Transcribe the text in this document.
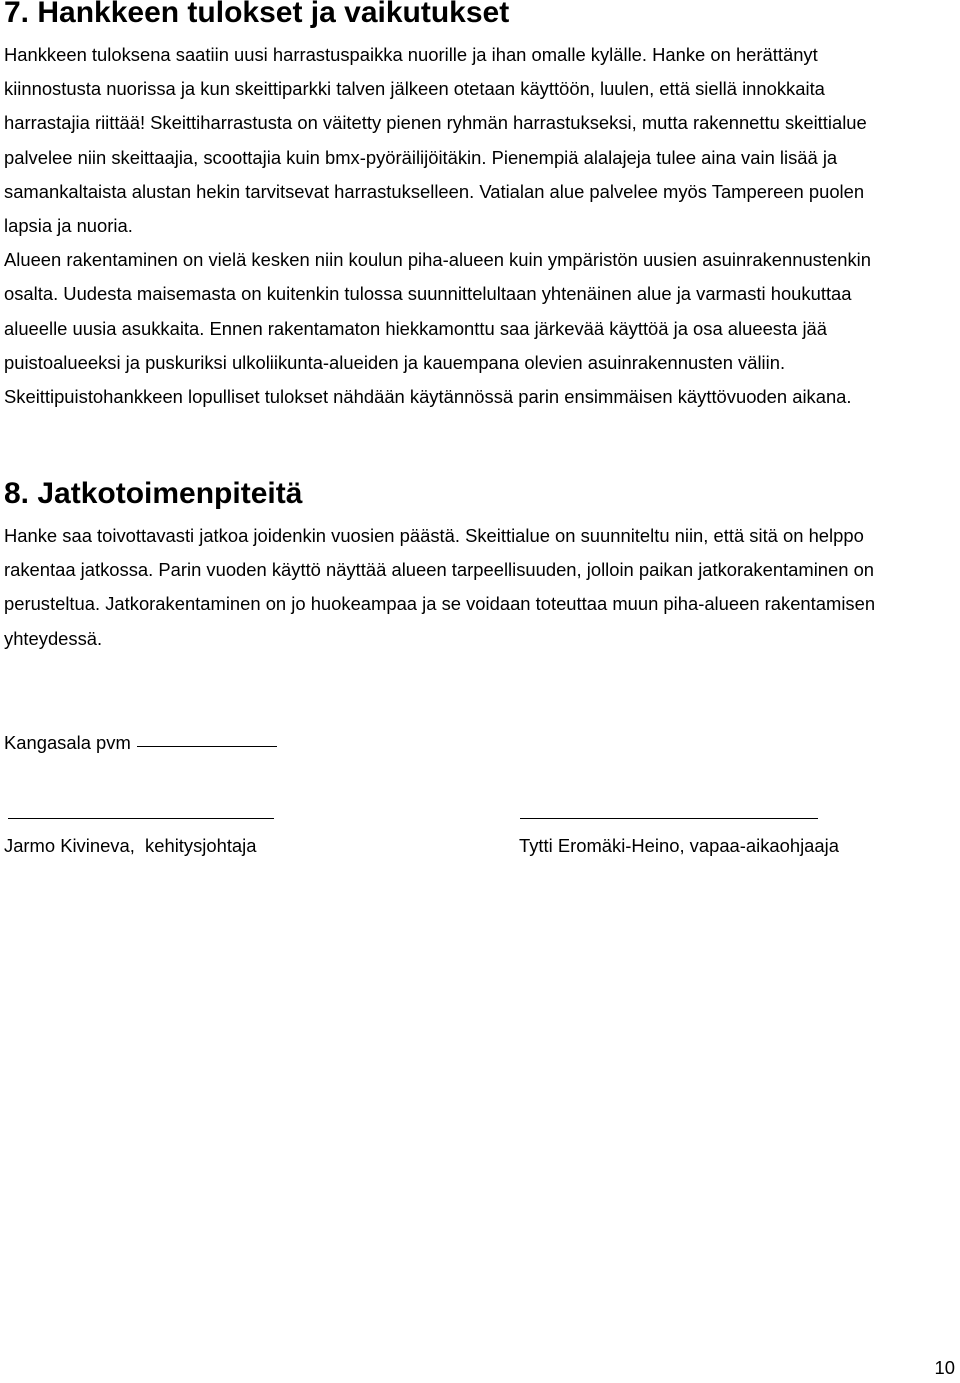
7. Hankkeen tulokset ja vaikutukset
Hankkeen tuloksena saatiin uusi harrastuspaikka nuorille ja ihan omalle kylälle. Hanke on herättänyt
kiinnostusta nuorissa ja kun skeittiparkki talven jälkeen otetaan käyttöön, luulen, että siellä innokkaita
harrastajia riittää! Skeittiharrastusta on väitetty pienen ryhmän harrastukseksi, mutta rakennettu skeittialue
palvelee niin skeittaajia, scoottajia kuin bmx-pyöräilijöitäkin. Pienempiä alalajeja tulee aina vain lisää ja
samankaltaista alustan hekin tarvitsevat harrastukselleen. Vatialan alue palvelee myös Tampereen puolen
lapsia ja nuoria.
Alueen rakentaminen on vielä kesken niin koulun piha-alueen kuin ympäristön uusien asuinrakennustenkin
osalta. Uudesta maisemasta on kuitenkin tulossa suunnittelultaan yhtenäinen alue ja varmasti houkuttaa
alueelle uusia asukkaita. Ennen rakentamaton hiekkamonttu saa järkevää käyttöä ja osa alueesta jää
puistoalueeksi ja puskuriksi ulkoliikunta-alueiden ja kauempana olevien asuinrakennusten väliin.
Skeittipuistohankkeen lopulliset tulokset nähdään käytännössä parin ensimmäisen käyttövuoden aikana.
8. Jatkotoimenpiteitä
Hanke saa toivottavasti jatkoa joidenkin vuosien päästä. Skeittialue on suunniteltu niin, että sitä on helppo
rakentaa jatkossa. Parin vuoden käyttö näyttää alueen tarpeellisuuden, jolloin paikan jatkorakentaminen on
perusteltua. Jatkorakentaminen on jo huokeampaa ja se voidaan toteuttaa muun piha-alueen rakentamisen
yhteydessä.
Kangasala pvm
Jarmo Kivineva,  kehitysjohtaja	Tytti Eromäki-Heino, vapaa-aikaohjaaja
10
